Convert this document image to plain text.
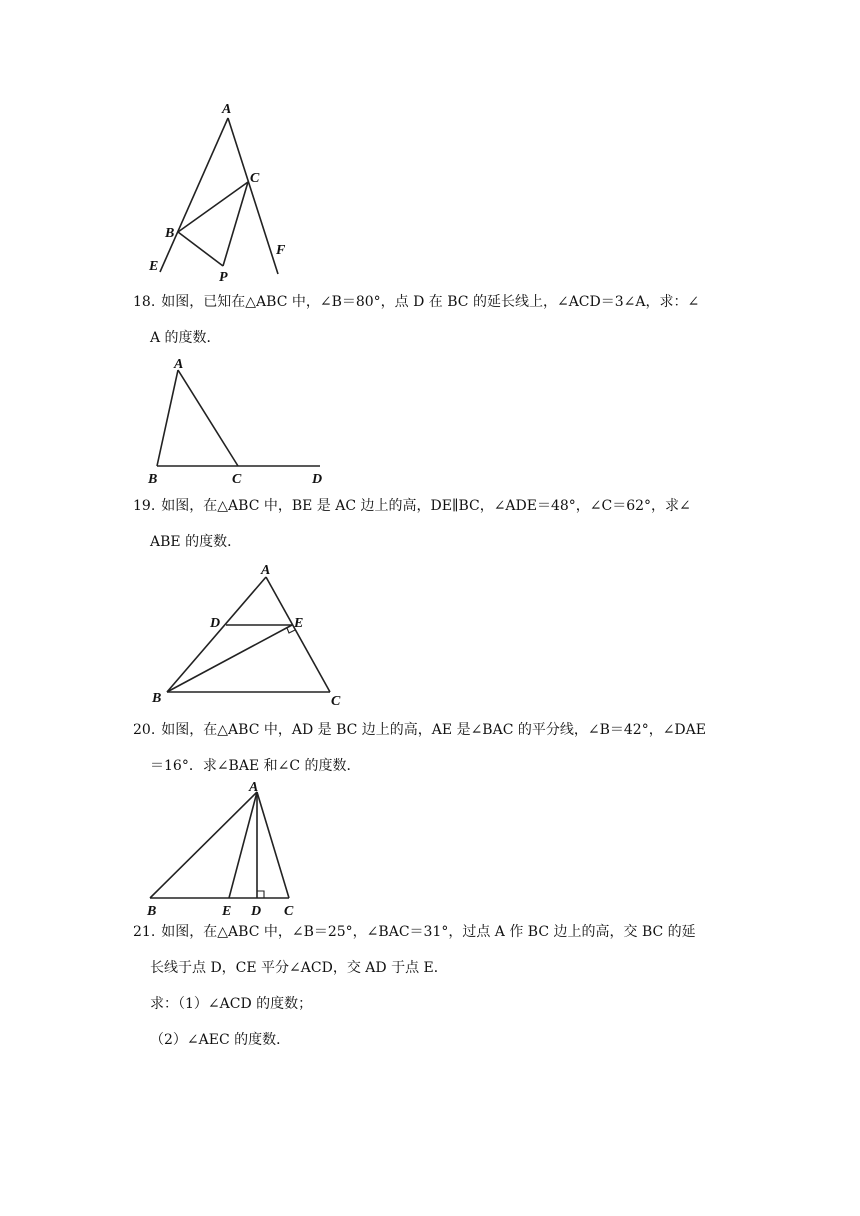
A
C
B
F
E
P
18. 如图，已知在△ABC 中，∠B＝80°，点 D 在 BC 的延长线上，∠ACD＝3∠A，求：∠
A 的度数．
A
B	C	D
19. 如图，在△ABC 中，BE 是 AC 边上的高，DE∥BC，∠ADE＝48°，∠C＝62°，求∠
ABE 的度数．
A
D	E
B	C
20. 如图，在△ABC 中，AD 是 BC 边上的高，AE 是∠BAC 的平分线，∠B＝42°，∠DAE
＝16°．求∠BAE 和∠C 的度数．
A
B	E D C
21. 如图，在△ABC 中，∠B＝25°，∠BAC＝31°，过点 A 作 BC 边上的高，交 BC 的延
长线于点 D，CE 平分∠ACD，交 AD 于点 E．
求：（1）∠ACD 的度数；
（2）∠AEC 的度数．
